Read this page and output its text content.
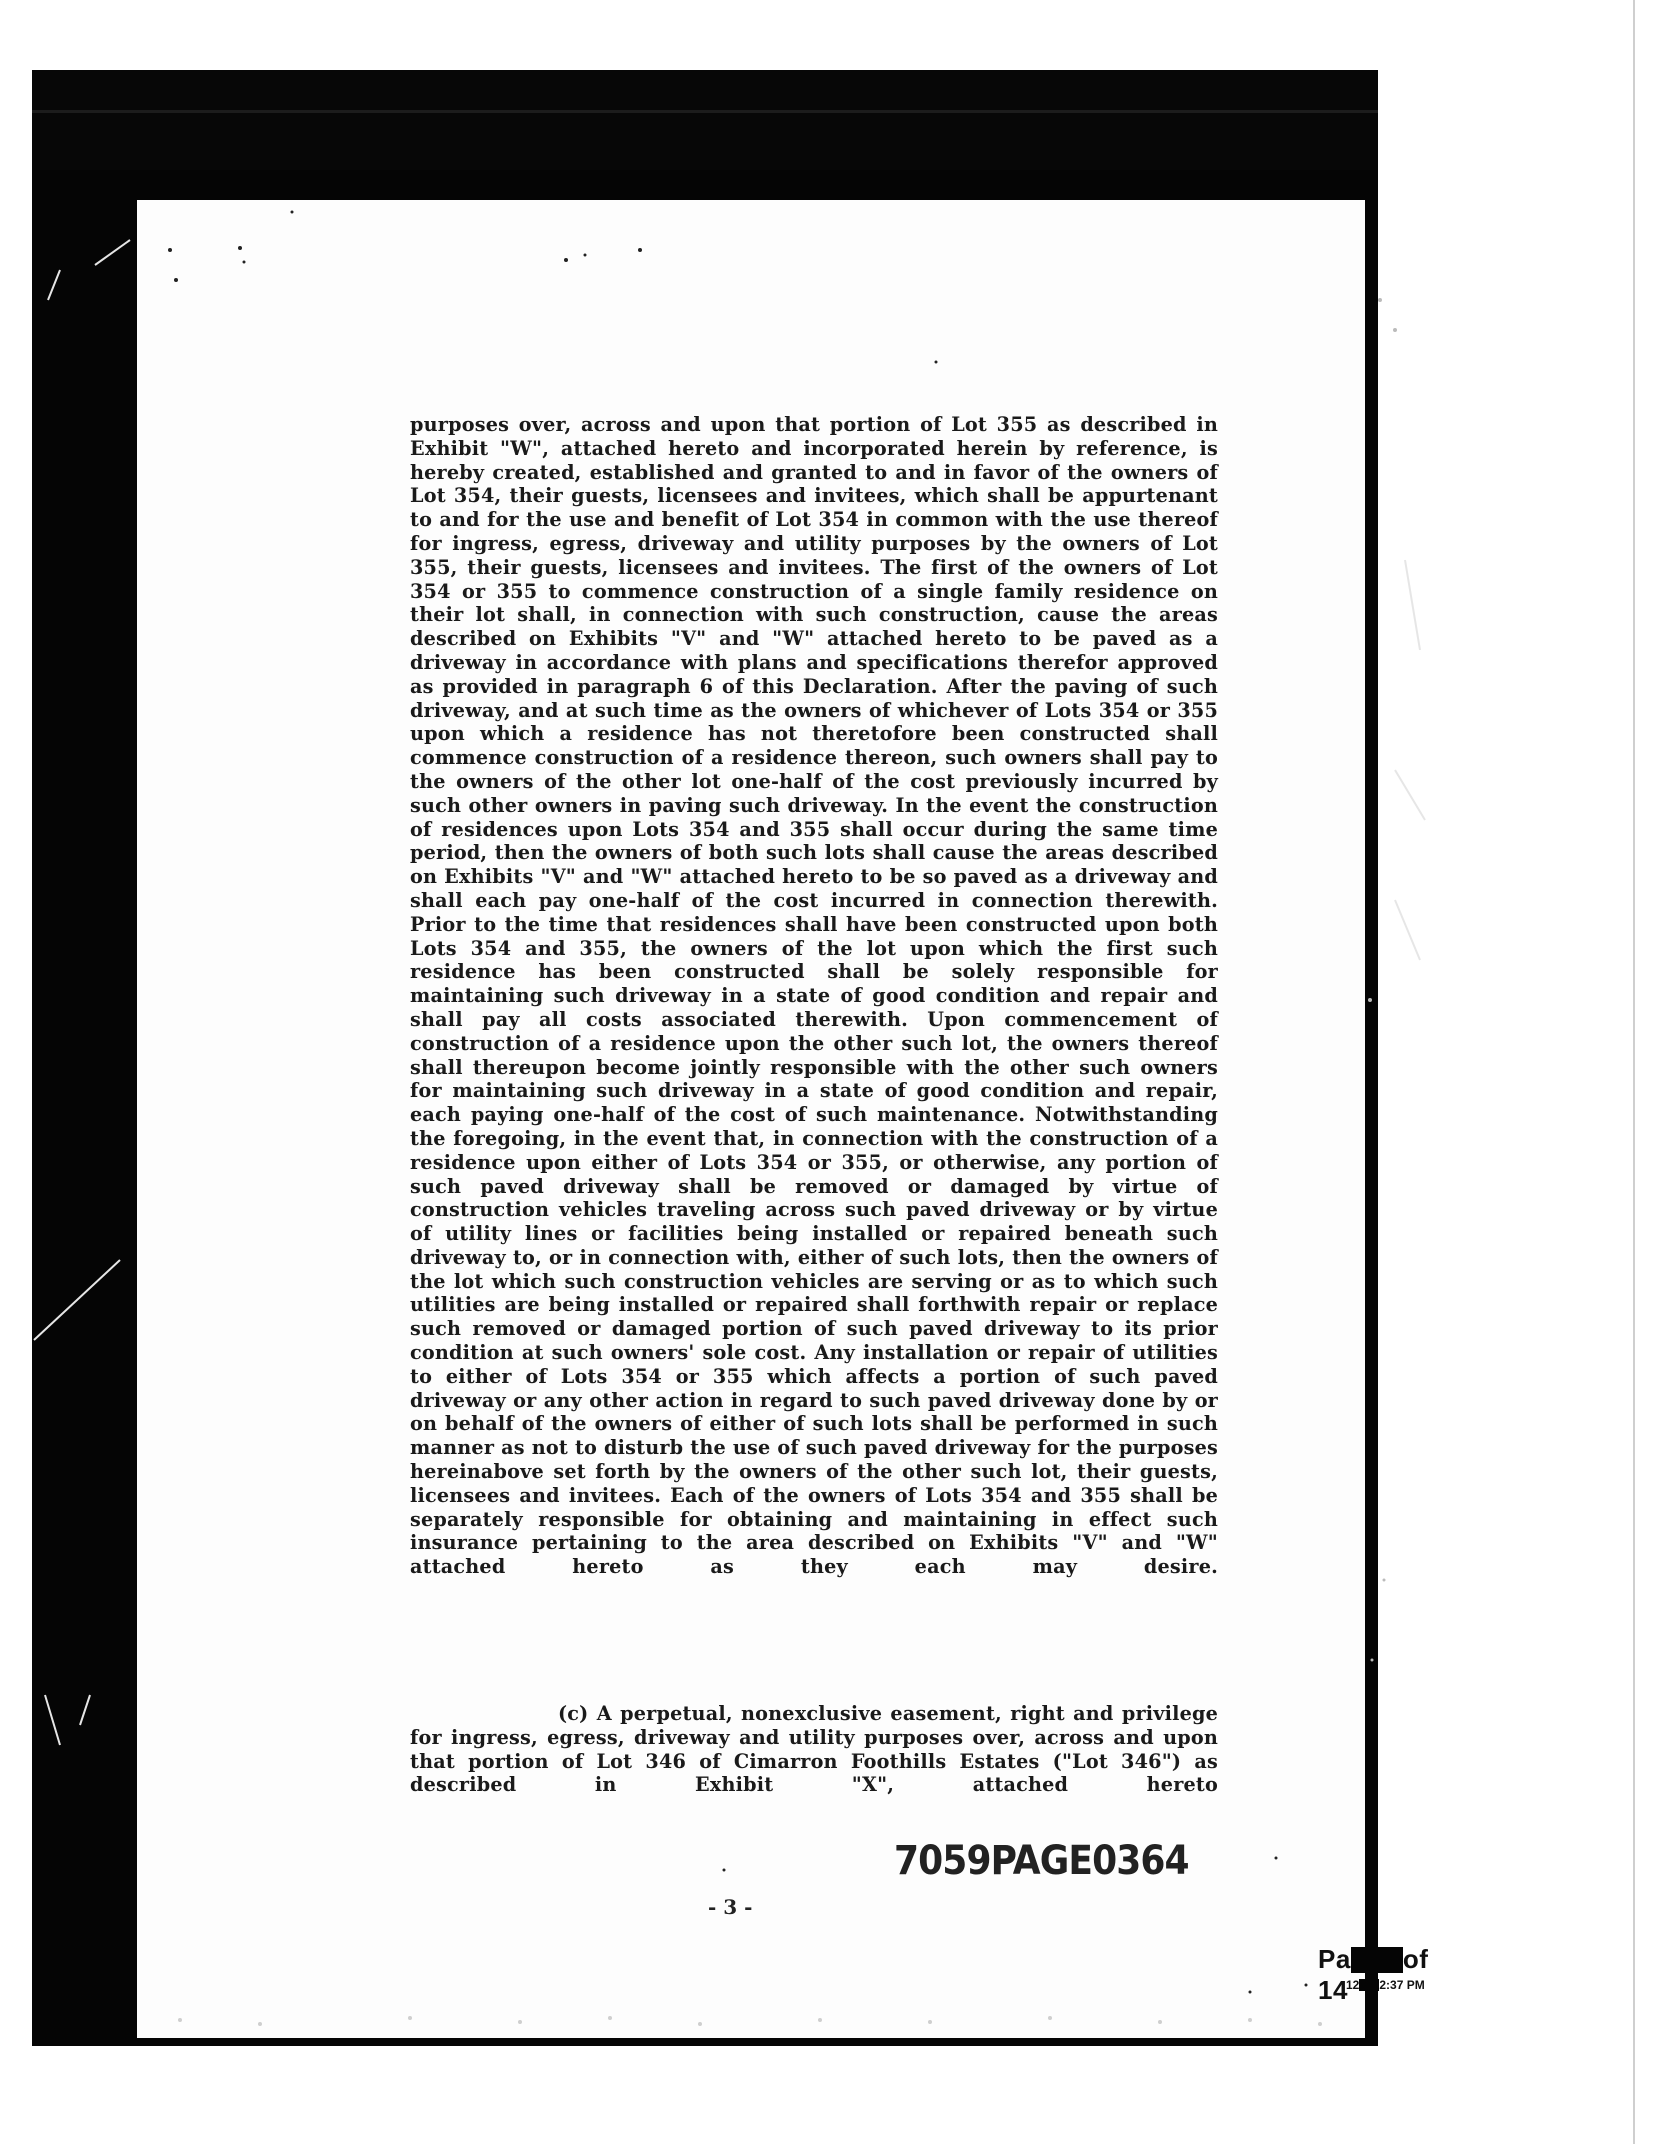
purposes over, across and upon that portion of Lot 355 as described in Exhibit "W", attached hereto and incorporated herein by reference, is hereby created, established and granted to and in favor of the owners of Lot 354, their guests, licensees and invitees, which shall be appurtenant to and for the use and benefit of Lot 354 in common with the use thereof for ingress, egress, driveway and utility purposes by the owners of Lot 355, their guests, licensees and invitees. The first of the owners of Lot 354 or 355 to commence construction of a single family residence on their lot shall, in connection with such construction, cause the areas described on Exhibits "V" and "W" attached hereto to be paved as a driveway in accordance with plans and specifications therefor approved as provided in paragraph 6 of this Declaration. After the paving of such driveway, and at such time as the owners of whichever of Lots 354 or 355 upon which a residence has not theretofore been constructed shall commence construction of a residence thereon, such owners shall pay to the owners of the other lot one-half of the cost previously incurred by such other owners in paving such driveway. In the event the construction of residences upon Lots 354 and 355 shall occur during the same time period, then the owners of both such lots shall cause the areas described on Exhibits "V" and "W" attached hereto to be so paved as a driveway and shall each pay one-half of the cost incurred in connection therewith. Prior to the time that residences shall have been constructed upon both Lots 354 and 355, the owners of the lot upon which the first such residence has been constructed shall be solely responsible for maintaining such driveway in a state of good condition and repair and shall pay all costs associated therewith. Upon commencement of construction of a residence upon the other such lot, the owners thereof shall thereupon become jointly responsible with the other such owners for maintaining such driveway in a state of good condition and repair, each paying one-half of the cost of such maintenance. Notwithstanding the foregoing, in the event that, in connection with the construction of a residence upon either of Lots 354 or 355, or otherwise, any portion of such paved driveway shall be removed or damaged by virtue of construction vehicles traveling across such paved driveway or by virtue of utility lines or facilities being installed or repaired beneath such driveway to, or in connection with, either of such lots, then the owners of the lot which such construction vehicles are serving or as to which such utilities are being installed or repaired shall forthwith repair or replace such removed or damaged portion of such paved driveway to its prior condition at such owners' sole cost. Any installation or repair of utilities to either of Lots 354 or 355 which affects a portion of such paved driveway or any other action in regard to such paved driveway done by or on behalf of the owners of either of such lots shall be performed in such manner as not to disturb the use of such paved driveway for the purposes hereinabove set forth by the owners of the other such lot, their guests, licensees and invitees. Each of the owners of Lots 354 and 355 shall be separately responsible for obtaining and maintaining in effect such insurance pertaining to the area described on Exhibits "V" and "W" attached hereto as they each may desire.

(c) A perpetual, nonexclusive easement, right and privilege for ingress, egress, driveway and utility purposes over, across and upon that portion of Lot 346 of Cimarron Foothills Estates ("Lot 346") as described in Exhibit "X", attached hereto

7059PAGE0364
- 3 -
Pa of 14
12 2:37 PM
